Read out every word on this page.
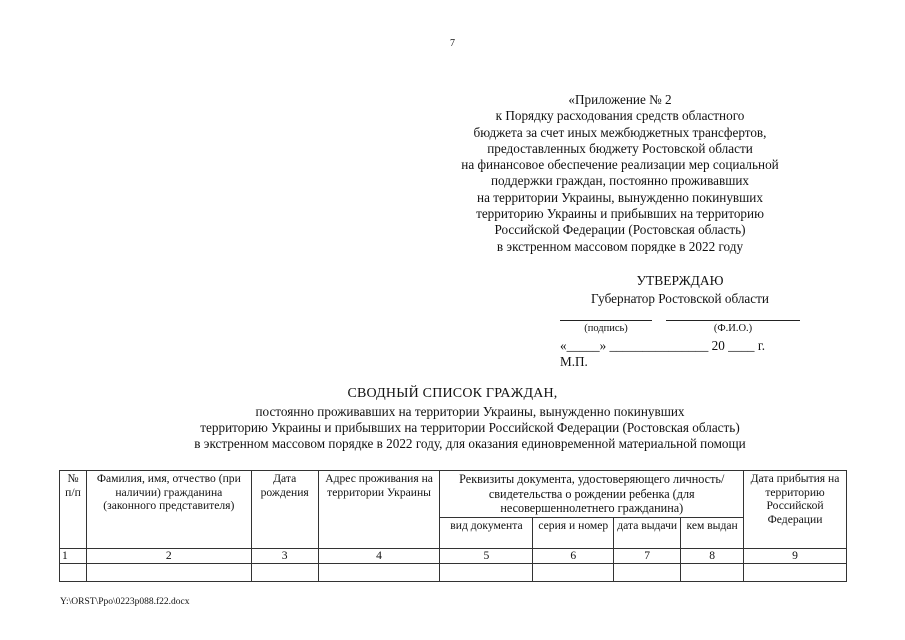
7
«Приложение № 2
к Порядку расходования средств областного
бюджета за счет иных межбюджетных трансфертов,
предоставленных бюджету Ростовской области
на финансовое обеспечение реализации мер социальной
поддержки граждан, постоянно проживавших
на территории Украины, вынужденно покинувших
территорию Украины и прибывших на территорию
Российской Федерации (Ростовская область)
в экстренном массовом порядке в 2022 году
УТВЕРЖДАЮ
Губернатор Ростовской области
(подпись)	(Ф.И.О.)
«_____» _______________ 20 ____ г.
М.П.
СВОДНЫЙ СПИСОК ГРАЖДАН,
постоянно проживавших на территории Украины, вынужденно покинувших
территорию Украины и прибывших на территории Российской Федерации (Ростовская область)
в экстренном массовом порядке в 2022 году, для оказания единовременной материальной помощи
№ п/п	Фамилия, имя, отчество (при наличии) гражданина (законного представителя)	Дата рождения	Адрес проживания на территории Украины	Реквизиты документа, удостоверяющего личность/ свидетельства о рождении ребенка (для несовершеннолетнего гражданина)				Дата прибытия на территорию Российской Федерации
				вид документа	серия и номер	дата выдачи	кем выдан	
1	2	3	4	5	6	7	8	9

Y:\ORST\Ppo\0223p088.f22.docx
